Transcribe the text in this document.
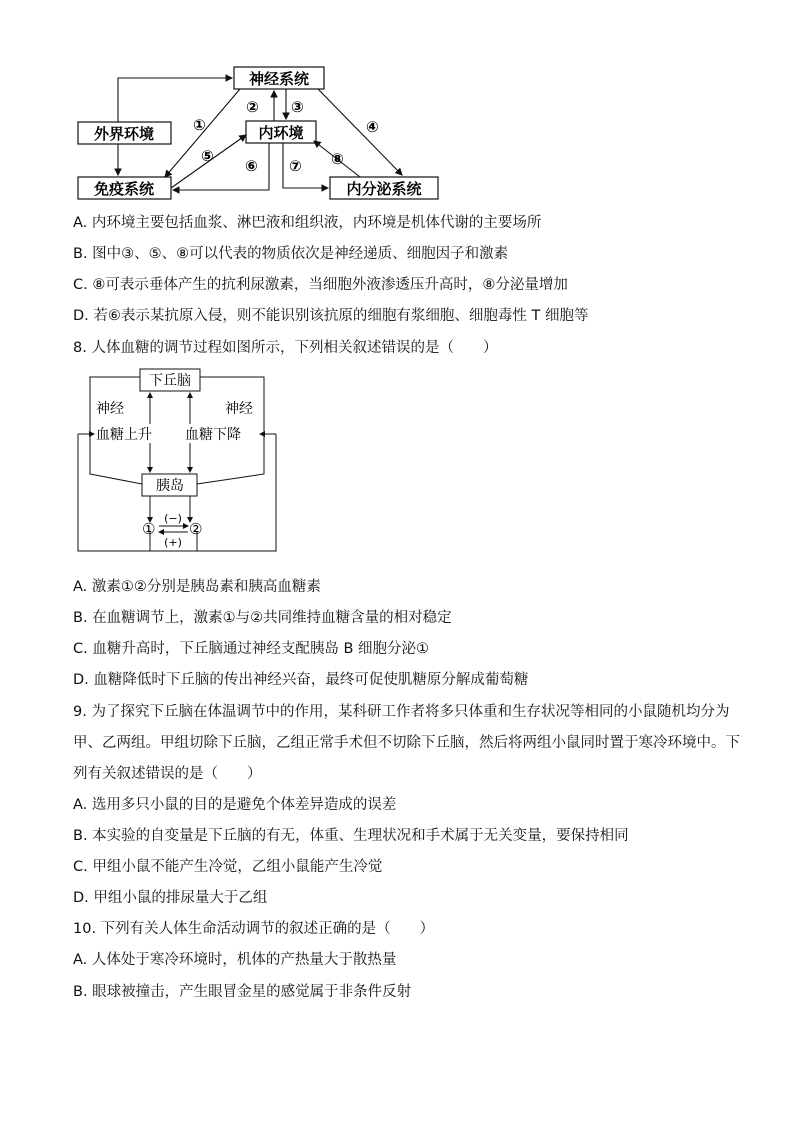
神经系统
外界环境	内环境
免疫系统	内分泌系统
①
② ③
④
⑤
⑥ ⑦ ⑧
A. 内环境主要包括血浆、淋巴液和组织液，内环境是机体代谢的主要场所
B. 图中③、⑤、⑧可以代表的物质依次是神经递质、细胞因子和激素
C. ⑧可表示垂体产生的抗利尿激素，当细胞外液渗透压升高时，⑧分泌量增加
D. 若⑥表示某抗原入侵，则不能识别该抗原的细胞有浆细胞、细胞毒性 T 细胞等
8. 人体血糖的调节过程如图所示，下列相关叙述错误的是（　　）
下丘脑
神经	神经
血糖上升 血糖下降
胰岛
① ②
(−)
(+)
A. 激素①②分别是胰岛素和胰高血糖素
B. 在血糖调节上，激素①与②共同维持血糖含量的相对稳定
C. 血糖升高时，下丘脑通过神经支配胰岛 B 细胞分泌①
D. 血糖降低时下丘脑的传出神经兴奋，最终可促使肌糖原分解成葡萄糖
9. 为了探究下丘脑在体温调节中的作用，某科研工作者将多只体重和生存状况等相同的小鼠随机均分为
甲、乙两组。甲组切除下丘脑，乙组正常手术但不切除下丘脑，然后将两组小鼠同时置于寒冷环境中。下
列有关叙述错误的是（　　）
A. 选用多只小鼠的目的是避免个体差异造成的误差
B. 本实验的自变量是下丘脑的有无，体重、生理状况和手术属于无关变量，要保持相同
C. 甲组小鼠不能产生冷觉，乙组小鼠能产生冷觉
D. 甲组小鼠的排尿量大于乙组
10. 下列有关人体生命活动调节的叙述正确的是（　　）
A. 人体处于寒冷环境时，机体的产热量大于散热量
B. 眼球被撞击，产生眼冒金星的感觉属于非条件反射
